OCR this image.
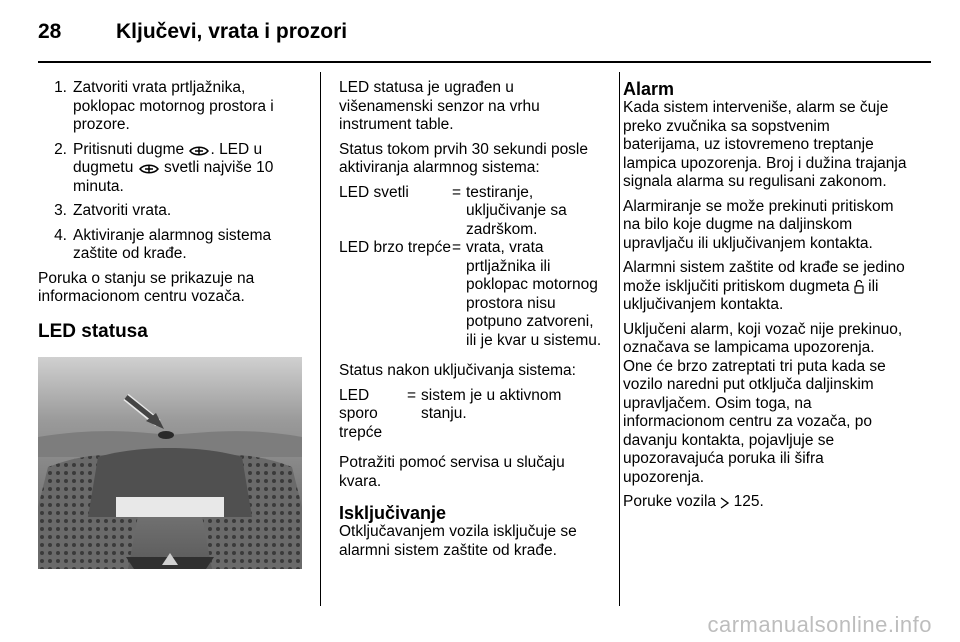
28	Ključevi, vrata i prozori
1. Zatvoriti vrata prtljažnika, poklopac motornog prostora i prozore.
2. Pritisnuti dugme . LED u dugmetu svetli najviše 10 minuta.
3. Zatvoriti vrata.
4. Aktiviranje alarmnog sistema zaštite od krađe.

Poruka o stanju se prikazuje na informacionom centru vozača.

LED statusa

LED statusa je ugrađen u višenamenski senzor na vrhu instrument table.

Status tokom prvih 30 sekundi posle aktiviranja alarmnog sistema:

LED svetli	= testiranje, uključivanje sa zadrškom.
LED brzo trepće = vrata, vrata prtljažnika ili poklopac motornog prostora nisu potpuno zatvoreni, ili je kvar u sistemu.

Status nakon uključivanja sistema:

LED sporo trepće
= sistem je u aktivnom stanju.

Potražiti pomoć servisa u slučaju kvara.

Isključivanje

Otključavanjem vozila isključuje se alarmni sistem zaštite od krađe.

Alarm

Kada sistem interveniše, alarm se čuje preko zvučnika sa sopstvenim baterijama, uz istovremeno treptanje lampica upozorenja. Broj i dužina trajanja signala alarma su regulisani zakonom.

Alarmiranje se može prekinuti pritiskom na bilo koje dugme na daljinskom upravljaču ili uključivanjem kontakta.

Alarmni sistem zaštite od krađe se jedino može isključiti pritiskom dugmeta ili uključivanjem kontakta.

Uključeni alarm, koji vozač nije prekinuo, označava se lampicama upozorenja. One će brzo zatreptati tri puta kada se vozilo naredni put otključa daljinskim upravljačem. Osim toga, na informacionom centru za vozača, po davanju kontakta, pojavljuje se upozoravajuća poruka ili šifra upozorenja.

Poruke vozila 125.

carmanualsonline.info
